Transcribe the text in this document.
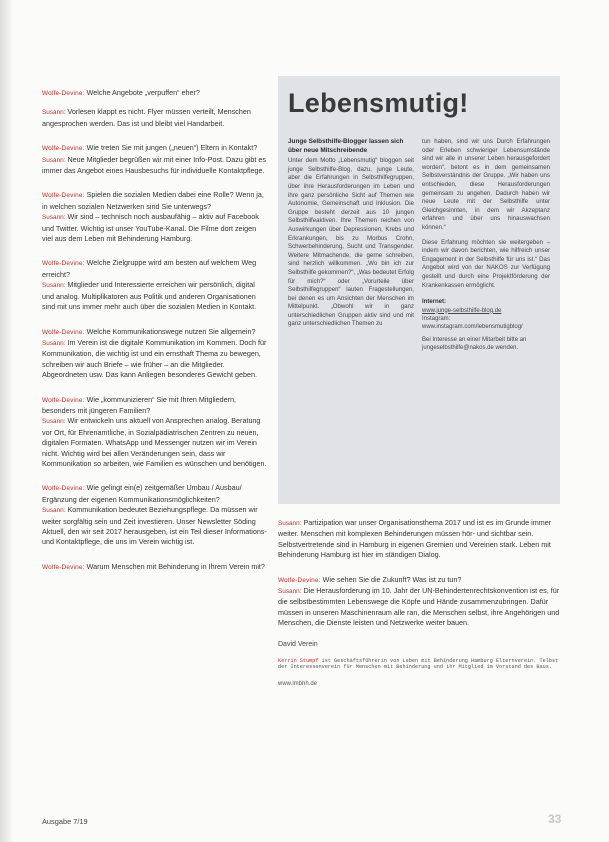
Wolfe-Devine: Welche Angebote „verpuffen“ eher?

Susann: Vorlesen klappt es nicht. Flyer müssen verteilt, Menschen angesprochen werden. Das ist und bleibt viel Handarbeit.

Wolfe-Devine: Wie treten Sie mit jungen („neuen“) Eltern in Kontakt?

Susann: Neue Mitglieder begrüßen wir mit einer Info-Post. Dazu gibt es immer das Angebot eines Hausbesuchs für individuelle Kontaktpflege.

Wolfe-Devine: Spielen die sozialen Medien dabei eine Rolle? Wenn ja, in welchen sozialen Netzwerken sind Sie unterwegs?

Susann: Wir sind – technisch noch ausbaufähig – aktiv auf Facebook und Twitter. Wichtig ist unser YouTube-Kanal. Die Filme dort zeigen viel aus dem Leben mit Behinderung Hamburg.

Wolfe-Devine: Welche Zielgruppe wird am besten auf welchem Weg erreicht?

Susann: Mitglieder und Interessierte erreichen wir persönlich, digital und analog. Multiplikatoren aus Politik und anderen Organisationen sind mit uns immer mehr auch über die sozialen Medien in Kontakt.

Wolfe-Devine: Welche Kommunikationswege nutzen Sie allgemein?

Susann: Im Verein ist die digitale Kommunikation im Kommen. Doch für Kommunikation, die wichtig ist und ein ernsthaft Thema zu bewegen, schreiben wir auch Briefe – wie früher – an die Mitglieder. Abgeordneten usw. Das kann Anliegen besonderes Gewicht geben.

Wolfe-Devine: Wie „kommunizieren“ Sie mit Ihren Mitgliedern, besonders mit jüngeren Familien?

Susann: Wir entwickeln uns aktuell von Ansprechen analog. Beratung vor Ort, für Ehrenamtliche, in Sozialpädiatrischen Zentren zu neuen, digitalen Formaten. WhatsApp und Messenger nutzen wir im Verein nicht. Wichtig wird bei allen Veränderungen sein, dass wir Kommunikation so arbeiten, wie Familien es wünschen und benötigen.

Wolfe-Devine: Wie gelingt ein(e) zeitgemäßer Umbau / Ausbau/ Ergänzung der eigenen Kommunikationsmöglichkeiten?

Susann: Kommunikation bedeutet Beziehungspflege. Da müssen wir weiter sorgfältig sein und Zeit investieren. Unser Newsletter Söding Aktuell, den wir seit 2017 herausgeben, ist ein Teil dieser Informations- und Kontaktpflege, die uns im Verein wichtig ist.

Wolfe-Devine: Warum Menschen mit Behinderung in Ihrem Verein mit?

Lebensmutig!

Junge Selbsthilfe-Blogger lassen sich über neue Mitschreibende

Unter dem Motto „Lebensmutig“ bloggen seit junge Selbsthilfe-Blog, dazu, junge Leute, aber die Erfahrungen in Selbsthilfegruppen, über ihre Herausforderungen im Leben und ihre ganz persönliche Sicht auf Themen wie Autonomie, Gemeinschaft und Inklusion. Die Gruppe besteht derzeit aus 10 jungen Selbsthilfeaktiven. Ihre Themen reichen von Auswirkungen über Depressionen, Krebs und Erkrankungen, bis zu Morbus Crohn, Schwerbehinderung, Sucht und Transgender. Weitere Mitmachende, die gerne schreiben, sind herzlich willkommen. „Wo bin ich zur Selbsthilfe gekommen?“, „Was bedeutet Erfolg für mich?“ oder „Vorurteile über Selbsthilfegruppen“ lauten Fragestellungen, bei denen es um Ansichten der Menschen im Mittelpunkt. „Obwohl wir in ganz unterschiedlichen Gruppen aktiv sind und mit ganz unterschiedlichen Themen zu

tun haben, sind wir uns Durch Erfahrungen oder Erleben schwieriger Lebensumstände sind wir alle in unserer Leben herausgefordert worden“, betont es in dem gemeinsamen Selbstverständnis der Gruppe. „Wir haben uns entschieden, diese Herausforderungen gemeinsam zu angehen. Dadurch haben wir neue Leute mit der Selbsthilfe unter Gleichgesinnten, in dem wir Akzeptanz erfahren und über uns hinauswachsen können.“

Diese Erfahrung möchten sie weitergeben – indem wir davon berichten, wie hilfreich unser Engagement in der Selbsthilfe für uns ist.“ Das Angebot wird von der NAKOS zur Verfügung gestellt und durch eine Projektförderung der Krankenkassen ermöglicht.

Internet:
www.junge-selbsthilfe-blog.de
Instagram: www.instagram.com/lebensmutigblog/
Bei Interesse an einer Mitarbeit bitte an jungeselbsthilfe@nakos.de wenden.

Susann: Partizipation war unser Organisationsthema 2017 und ist es im Grunde immer weiter. Menschen mit komplexen Behinderungen müssen hör- und sichtbar sein. Selbstvertretende sind in Hamburg in eigenen Gremien und Vereinen stark. Leben mit Behinderung Hamburg ist hier im ständigen Dialog.

Wolfe-Devine: Wie sehen Sie die Zukunft? Was ist zu tun?

Susann: Die Herausforderung im 10. Jahr der UN-Behindertenrechtskonvention ist es, für die selbstbestimmten Lebenswege die Köpfe und Hände zusammenzubringen. Dafür müssen in unseren Maschinenraum alle ran, die Menschen selbst, ihre Angehörigen und Menschen, die Dienste leisten und Netzwerke weiter bauen.

David Verein

Kerrin Stumpf ist Geschäftsführerin von Leben mit Behinderung Hamburg Elternverein. Telbst der Interessenverein für Menschen mit Behinderung und ihr Mitglied im Vorstand des Baus.

www.lmbhh.de
Ausgabe 7/19	33
